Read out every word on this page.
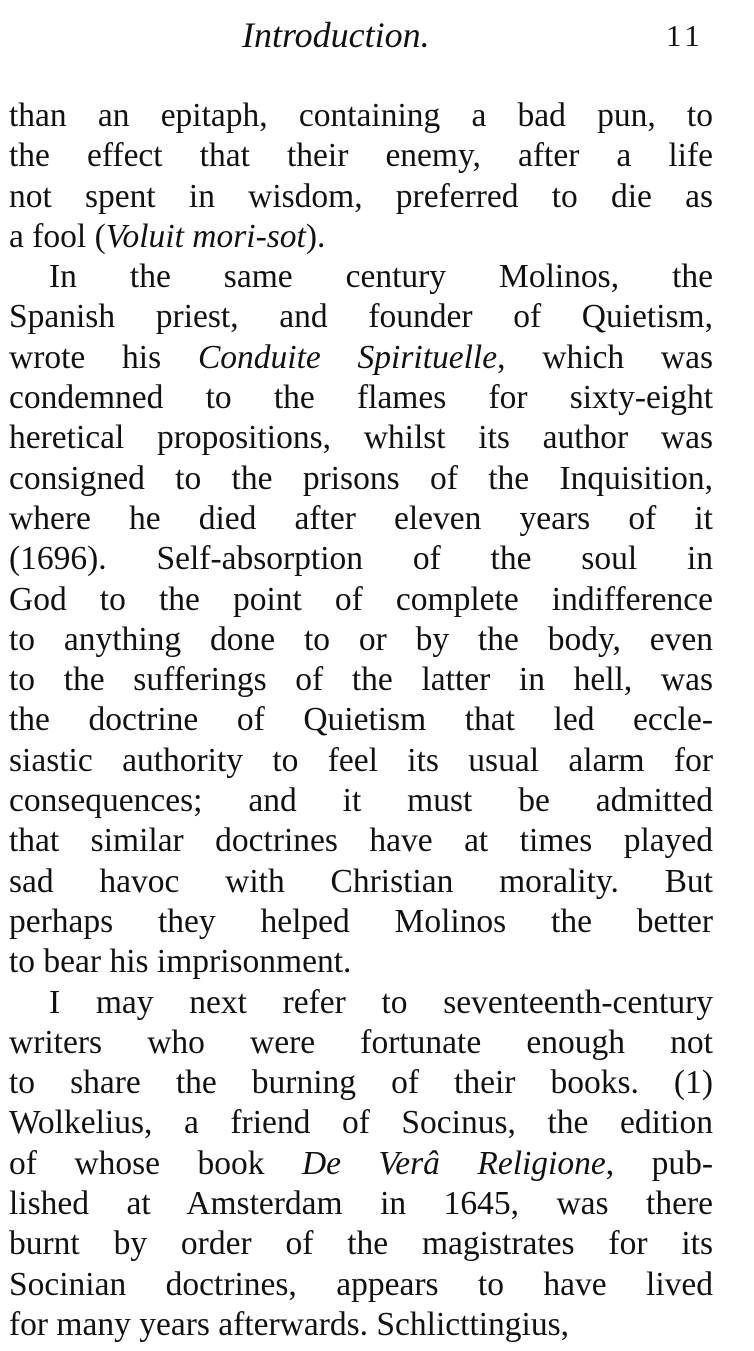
Introduction.	11
than an epitaph, containing a bad pun, to
the effect that their enemy, after a life
not spent in wisdom, preferred to die as
a fool (Voluit mori-sot).
In the same century Molinos, the
Spanish priest, and founder of Quietism,
wrote his Conduite Spirituelle, which was
condemned to the flames for sixty-eight
heretical propositions, whilst its author was
consigned to the prisons of the Inquisition,
where he died after eleven years of it
(1696). Self-absorption of the soul in
God to the point of complete indifference
to anything done to or by the body, even
to the sufferings of the latter in hell, was
the doctrine of Quietism that led eccle-
siastic authority to feel its usual alarm for
consequences; and it must be admitted
that similar doctrines have at times played
sad havoc with Christian morality. But
perhaps they helped Molinos the better
to bear his imprisonment.
I may next refer to seventeenth-century
writers who were fortunate enough not
to share the burning of their books. (1)
Wolkelius, a friend of Socinus, the edition
of whose book De Verâ Religione, pub-
lished at Amsterdam in 1645, was there
burnt by order of the magistrates for its
Socinian doctrines, appears to have lived
for many years afterwards. Schlicttingius,
